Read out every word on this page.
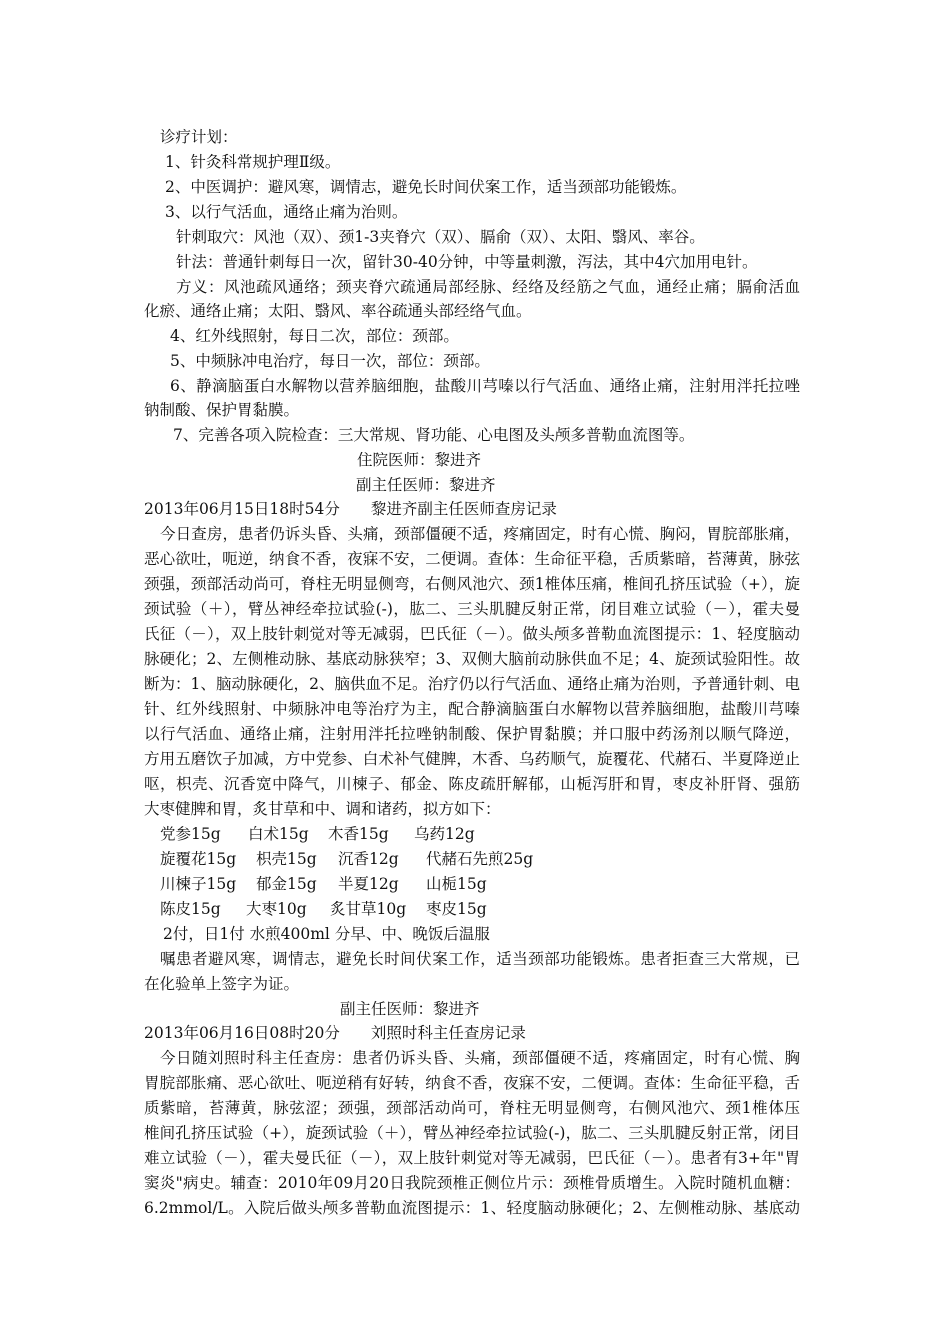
诊疗计划：
1、针灸科常规护理Ⅱ级。
2、中医调护：避风寒，调情志，避免长时间伏案工作，适当颈部功能锻炼。
3、以行气活血，通络止痛为治则。
针刺取穴：风池（双）、颈1-3夹脊穴（双）、膈俞（双）、太阳、翳风、率谷。
针法：普通针刺每日一次，留针30-40分钟，中等量刺激，泻法，其中4穴加用电针。
方义：风池疏风通络；颈夹脊穴疏通局部经脉、经络及经筋之气血，通经止痛；膈俞活血
化瘀、通络止痛；太阳、翳风、率谷疏通头部经络气血。
4、红外线照射，每日二次，部位：颈部。
5、中频脉冲电治疗，每日一次，部位：颈部。
6、静滴脑蛋白水解物以营养脑细胞，盐酸川芎嗪以行气活血、通络止痛，注射用泮托拉唑
钠制酸、保护胃黏膜。
7、完善各项入院检查：三大常规、肾功能、心电图及头颅多普勒血流图等。
住院医师：黎进齐
副主任医师：黎进齐
2013年06月15日18时54分　　黎进齐副主任医师查房记录
今日查房，患者仍诉头昏、头痛，颈部僵硬不适，疼痛固定，时有心慌、胸闷，胃脘部胀痛，
恶心欲吐，呃逆，纳食不香，夜寐不安，二便调。查体：生命征平稳，舌质紫暗，苔薄黄，脉弦
颈强，颈部活动尚可，脊柱无明显侧弯，右侧风池穴、颈1椎体压痛，椎间孔挤压试验（+），旋
颈试验（＋），臂丛神经牵拉试验(-)，肱二、三头肌腱反射正常，闭目难立试验（－），霍夫曼
氏征（－），双上肢针刺觉对等无减弱，巴氏征（－）。做头颅多普勒血流图提示：1、轻度脑动
脉硬化；2、左侧椎动脉、基底动脉狭窄；3、双侧大脑前动脉供血不足；4、旋颈试验阳性。故
断为：1、脑动脉硬化，2、脑供血不足。治疗仍以行气活血、通络止痛为治则，予普通针刺、电
针、红外线照射、中频脉冲电等治疗为主，配合静滴脑蛋白水解物以营养脑细胞，盐酸川芎嗪
以行气活血、通络止痛，注射用泮托拉唑钠制酸、保护胃黏膜；并口服中药汤剂以顺气降逆，
方用五磨饮子加减，方中党参、白术补气健脾，木香、乌药顺气，旋覆花、代赭石、半夏降逆止
呕，枳壳、沉香宽中降气，川楝子、郁金、陈皮疏肝解郁，山栀泻肝和胃，枣皮补肝肾、强筋
大枣健脾和胃，炙甘草和中、调和诸药，拟方如下：
党参15g 白术15g 木香15g 乌药12g
旋覆花15g 枳壳15g 沉香12g 代赭石先煎25g
川楝子15g 郁金15g 半夏12g 山栀15g
陈皮15g 大枣10g 炙甘草10g 枣皮15g
2付，日1付 水煎400ml 分早、中、晚饭后温服
嘱患者避风寒，调情志，避免长时间伏案工作，适当颈部功能锻炼。患者拒查三大常规，已
在化验单上签字为证。
副主任医师：黎进齐
2013年06月16日08时20分　　刘照时科主任查房记录
今日随刘照时科主任查房：患者仍诉头昏、头痛，颈部僵硬不适，疼痛固定，时有心慌、胸
胃脘部胀痛、恶心欲吐、呃逆稍有好转，纳食不香，夜寐不安，二便调。查体：生命征平稳，舌
质紫暗，苔薄黄，脉弦涩；颈强，颈部活动尚可，脊柱无明显侧弯，右侧风池穴、颈1椎体压
椎间孔挤压试验（+），旋颈试验（＋），臂丛神经牵拉试验(-)，肱二、三头肌腱反射正常，闭目
难立试验（－），霍夫曼氏征（－），双上肢针刺觉对等无减弱，巴氏征（－）。患者有3+年"胃
窦炎"病史。辅查：2010年09月20日我院颈椎正侧位片示：颈椎骨质增生。入院时随机血糖：
6.2mmol/L。入院后做头颅多普勒血流图提示：1、轻度脑动脉硬化；2、左侧椎动脉、基底动
